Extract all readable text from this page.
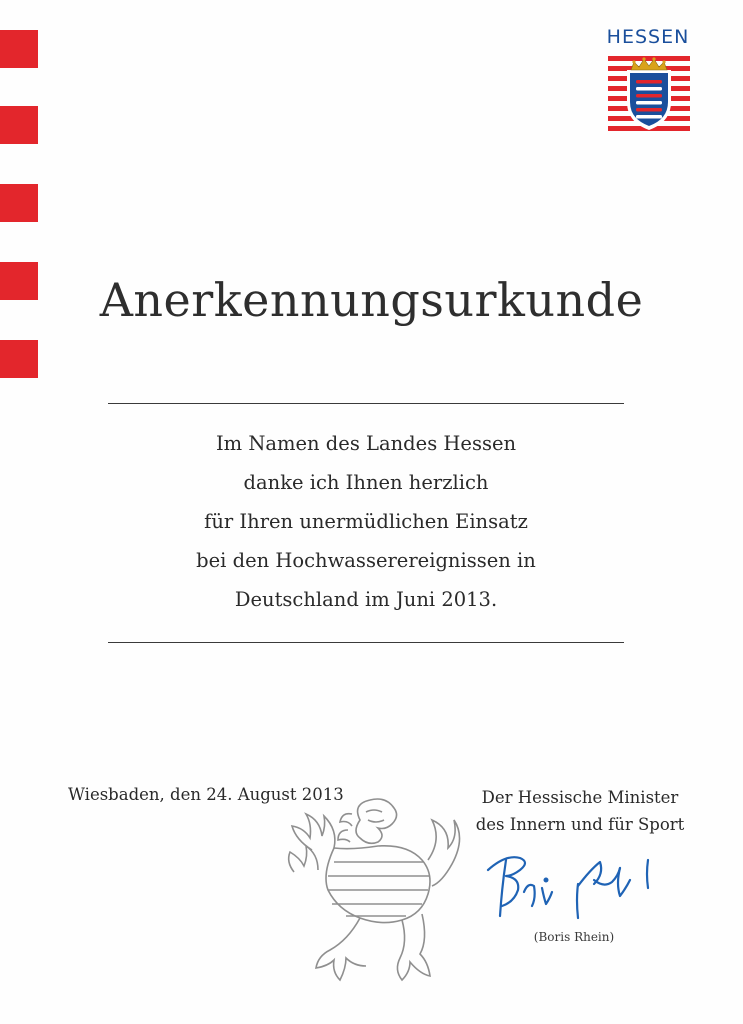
HESSEN
Anerkennungsurkunde
Im Namen des Landes Hessen
danke ich Ihnen herzlich
für Ihren unermüdlichen Einsatz
bei den Hochwasserereignissen in
Deutschland im Juni 2013.
Wiesbaden, den 24. August 2013	Der Hessische Minister
des Innern und für Sport
(Boris Rhein)
